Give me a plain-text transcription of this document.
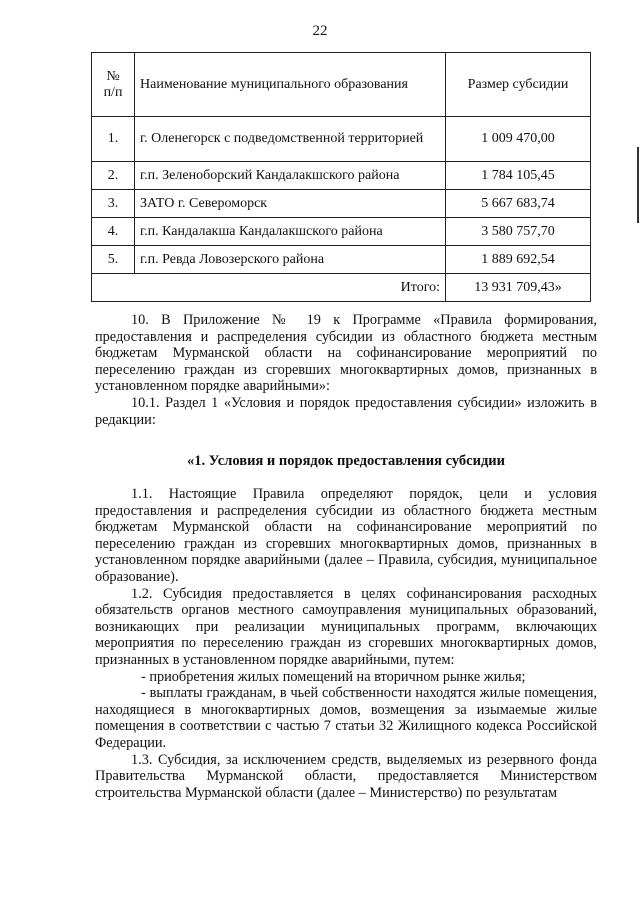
22
№
п/п	Наименование муниципального образования	Размер субсидии
1.	г. Оленегорск с подведомственной территорией	1 009 470,00
2.	г.п. Зеленоборский Кандалакшского района	1 784 105,45
3.	ЗАТО г. Североморск	5 667 683,74
4.	г.п. Кандалакша Кандалакшского района	3 580 757,70
5.	г.п. Ревда Ловозерского района	1 889 692,54
	Итого:	13 931 709,43»

10. В Приложение № 19 к Программе «Правила формирования, предоставления и распределения субсидии из областного бюджета местным бюджетам Мурманской области на софинансирование мероприятий по переселению граждан из сгоревших многоквартирных домов, признанных в установленном порядке аварийными»:

10.1. Раздел 1 «Условия и порядок предоставления субсидии» изложить в редакции:

«1. Условия и порядок предоставления субсидии

1.1. Настоящие Правила определяют порядок, цели и условия предоставления и распределения субсидии из областного бюджета местным бюджетам Мурманской области на софинансирование мероприятий по переселению граждан из сгоревших многоквартирных домов, признанных в установленном порядке аварийными (далее – Правила, субсидия, муниципальное образование).

1.2. Субсидия предоставляется в целях софинансирования расходных обязательств органов местного самоуправления муниципальных образований, возникающих при реализации муниципальных программ, включающих мероприятия по переселению граждан из сгоревших многоквартирных домов, признанных в установленном порядке аварийными, путем:

- приобретения жилых помещений на вторичном рынке жилья;

- выплаты гражданам, в чьей собственности находятся жилые помещения, находящиеся в многоквартирных домов, возмещения за изымаемые жилые помещения в соответствии с частью 7 статьи 32 Жилищного кодекса Российской Федерации.

1.3. Субсидия, за исключением средств, выделяемых из резервного фонда Правительства Мурманской области, предоставляется Министерством строительства Мурманской области (далее – Министерство) по результатам
